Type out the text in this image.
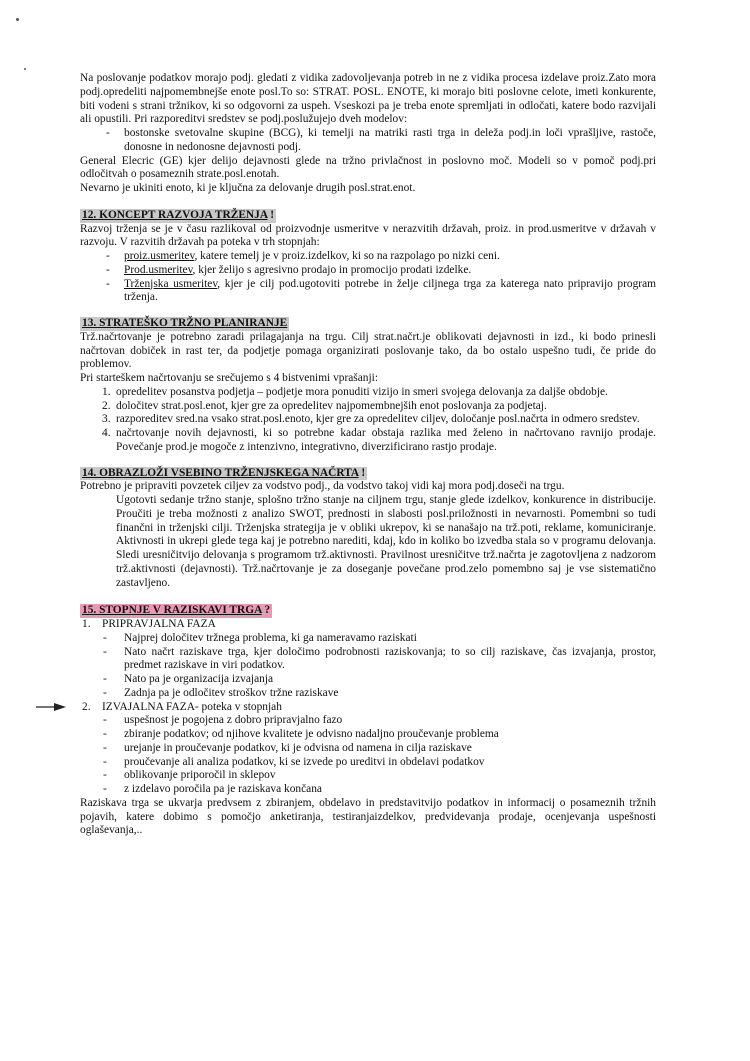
Na poslovanje podatkov morajo podj. gledati z vidika zadovoljevanja potreb in ne z vidika procesa izdelave proiz.Zato mora podj.opredeliti najpomembnejše enote posl.To so: STRAT. POSL. ENOTE, ki morajo biti poslovne celote, imeti konkurente, biti vodeni s strani tržnikov, ki so odgovorni za uspeh. Vseskozi pa je treba enote spremljati in odločati, katere bodo razvijali ali opustili. Pri razporeditvi sredstev se podj.poslužujejo dveh modelov:

- bostonske svetovalne skupine (BCG), ki temelji na matriki rasti trga in deleža podj.in loči vprašljive, rastoče, donosne in nedonosne dejavnosti podj.

General Elecric (GE) kjer delijo dejavnosti glede na tržno privlačnost in poslovno moč. Modeli so v pomoč podj.pri odločitvah o posameznih strate.posl.enotah.

Nevarno je ukiniti enoto, ki je ključna za delovanje drugih posl.strat.enot.

12. KONCEPT RAZVOJA TRŽENJA !

Razvoj trženja se je v času razlikoval od proizvodnje usmeritve v nerazvitih državah, proiz. in prod.usmeritve v državah v razvoju. V razvitih državah pa poteka v trh stopnjah:

- proiz.usmeritev, katere temelj je v proiz.izdelkov, ki so na razpolago po nizki ceni.
- Prod.usmeritev, kjer želijo s agresivno prodajo in promocijo prodati izdelke.
- Trženjska usmeritev, kjer je cilj pod.ugotoviti potrebe in želje ciljnega trga za katerega nato pripravijo program trženja.
13. STRATEŠKO TRŽNO PLANIRANJE

Trž.načrtovanje je potrebno zaradi prilagajanja na trgu. Cilj strat.načrt.je oblikovati dejavnosti in izd., ki bodo prinesli načrtovan dobiček in rast ter, da podjetje pomaga organizirati poslovanje tako, da bo ostalo uspešno tudi, če pride do problemov.

Pri starteškem načrtovanju se srečujemo s 4 bistvenimi vprašanji:

1. opredelitev posanstva podjetja – podjetje mora ponuditi vizijo in smeri svojega delovanja za daljše obdobje.
2. določitev strat.posl.enot, kjer gre za opredelitev najpomembnejših enot poslovanja za podjetaj.
3. razporeditev sred.na vsako strat.posl.enoto, kjer gre za opredelitev ciljev, določanje posl.načrta in odmero sredstev.
4. načrtovanje novih dejavnosti, ki so potrebne kadar obstaja razlika med želeno in načrtovano ravnijo prodaje. Povečanje prod.je mogoče z intenzivno, integrativno, diverzificirano rastjo prodaje.
14. OBRAZLOŽI VSEBINO TRŽENJSKEGA NAČRTA !

Potrebno je pripraviti povzetek ciljev za vodstvo podj., da vodstvo takoj vidi kaj mora podj.doseči na trgu.

Ugotovti sedanje tržno stanje, splošno tržno stanje na ciljnem trgu, stanje glede izdelkov, konkurence in distribucije. Proučiti je treba možnosti z analizo SWOT, prednosti in slabosti posl.priložnosti in nevarnosti. Pomembni so tudi finančni in trženjski cilji. Trženjska strategija je v obliki ukrepov, ki se nanašajo na trž.poti, reklame, komuniciranje. Aktivnosti in ukrepi glede tega kaj je potrebno narediti, kdaj, kdo in koliko bo izvedba stala so v programu delovanja. Sledi uresničitvijo delovanja s programom trž.aktivnosti. Pravilnost uresničitve trž.načrta je zagotovljena z nadzorom trž.aktivnosti (dejavnosti). Trž.načrtovanje je za doseganje povečane prod.zelo pomembno saj je vse sistematično zastavljeno.

15. STOPNJE V RAZISKAVI TRGA ?
1. PRIPRAVJALNA FAZA
- Najprej določitev tržnega problema, ki ga nameravamo raziskati
- Nato načrt raziskave trga, kjer določimo podrobnosti raziskovanja; to so cilj raziskave, čas izvajanja, prostor, predmet raziskave in viri podatkov.
- Nato pa je organizacija izvajanja
- Zadnja pa je odločitev stroškov tržne raziskave
2. IZVAJALNA FAZA- poteka v stopnjah
- uspešnost je pogojena z dobro pripravjalno fazo
- zbiranje podatkov; od njihove kvalitete je odvisno nadaljno proučevanje problema
- urejanje in proučevanje podatkov, ki je odvisna od namena in cilja raziskave
- proučevanje ali analiza podatkov, ki se izvede po ureditvi in obdelavi podatkov
- oblikovanje priporočil in sklepov
- z izdelavo poročila pa je raziskava končana

Raziskava trga se ukvarja predvsem z zbiranjem, obdelavo in predstavitvijo podatkov in informacij o posameznih tržnih pojavih, katere dobimo s pomočjo anketiranja, testiranjaizdelkov, predvidevanja prodaje, ocenjevanja uspešnosti oglaševanja,..
